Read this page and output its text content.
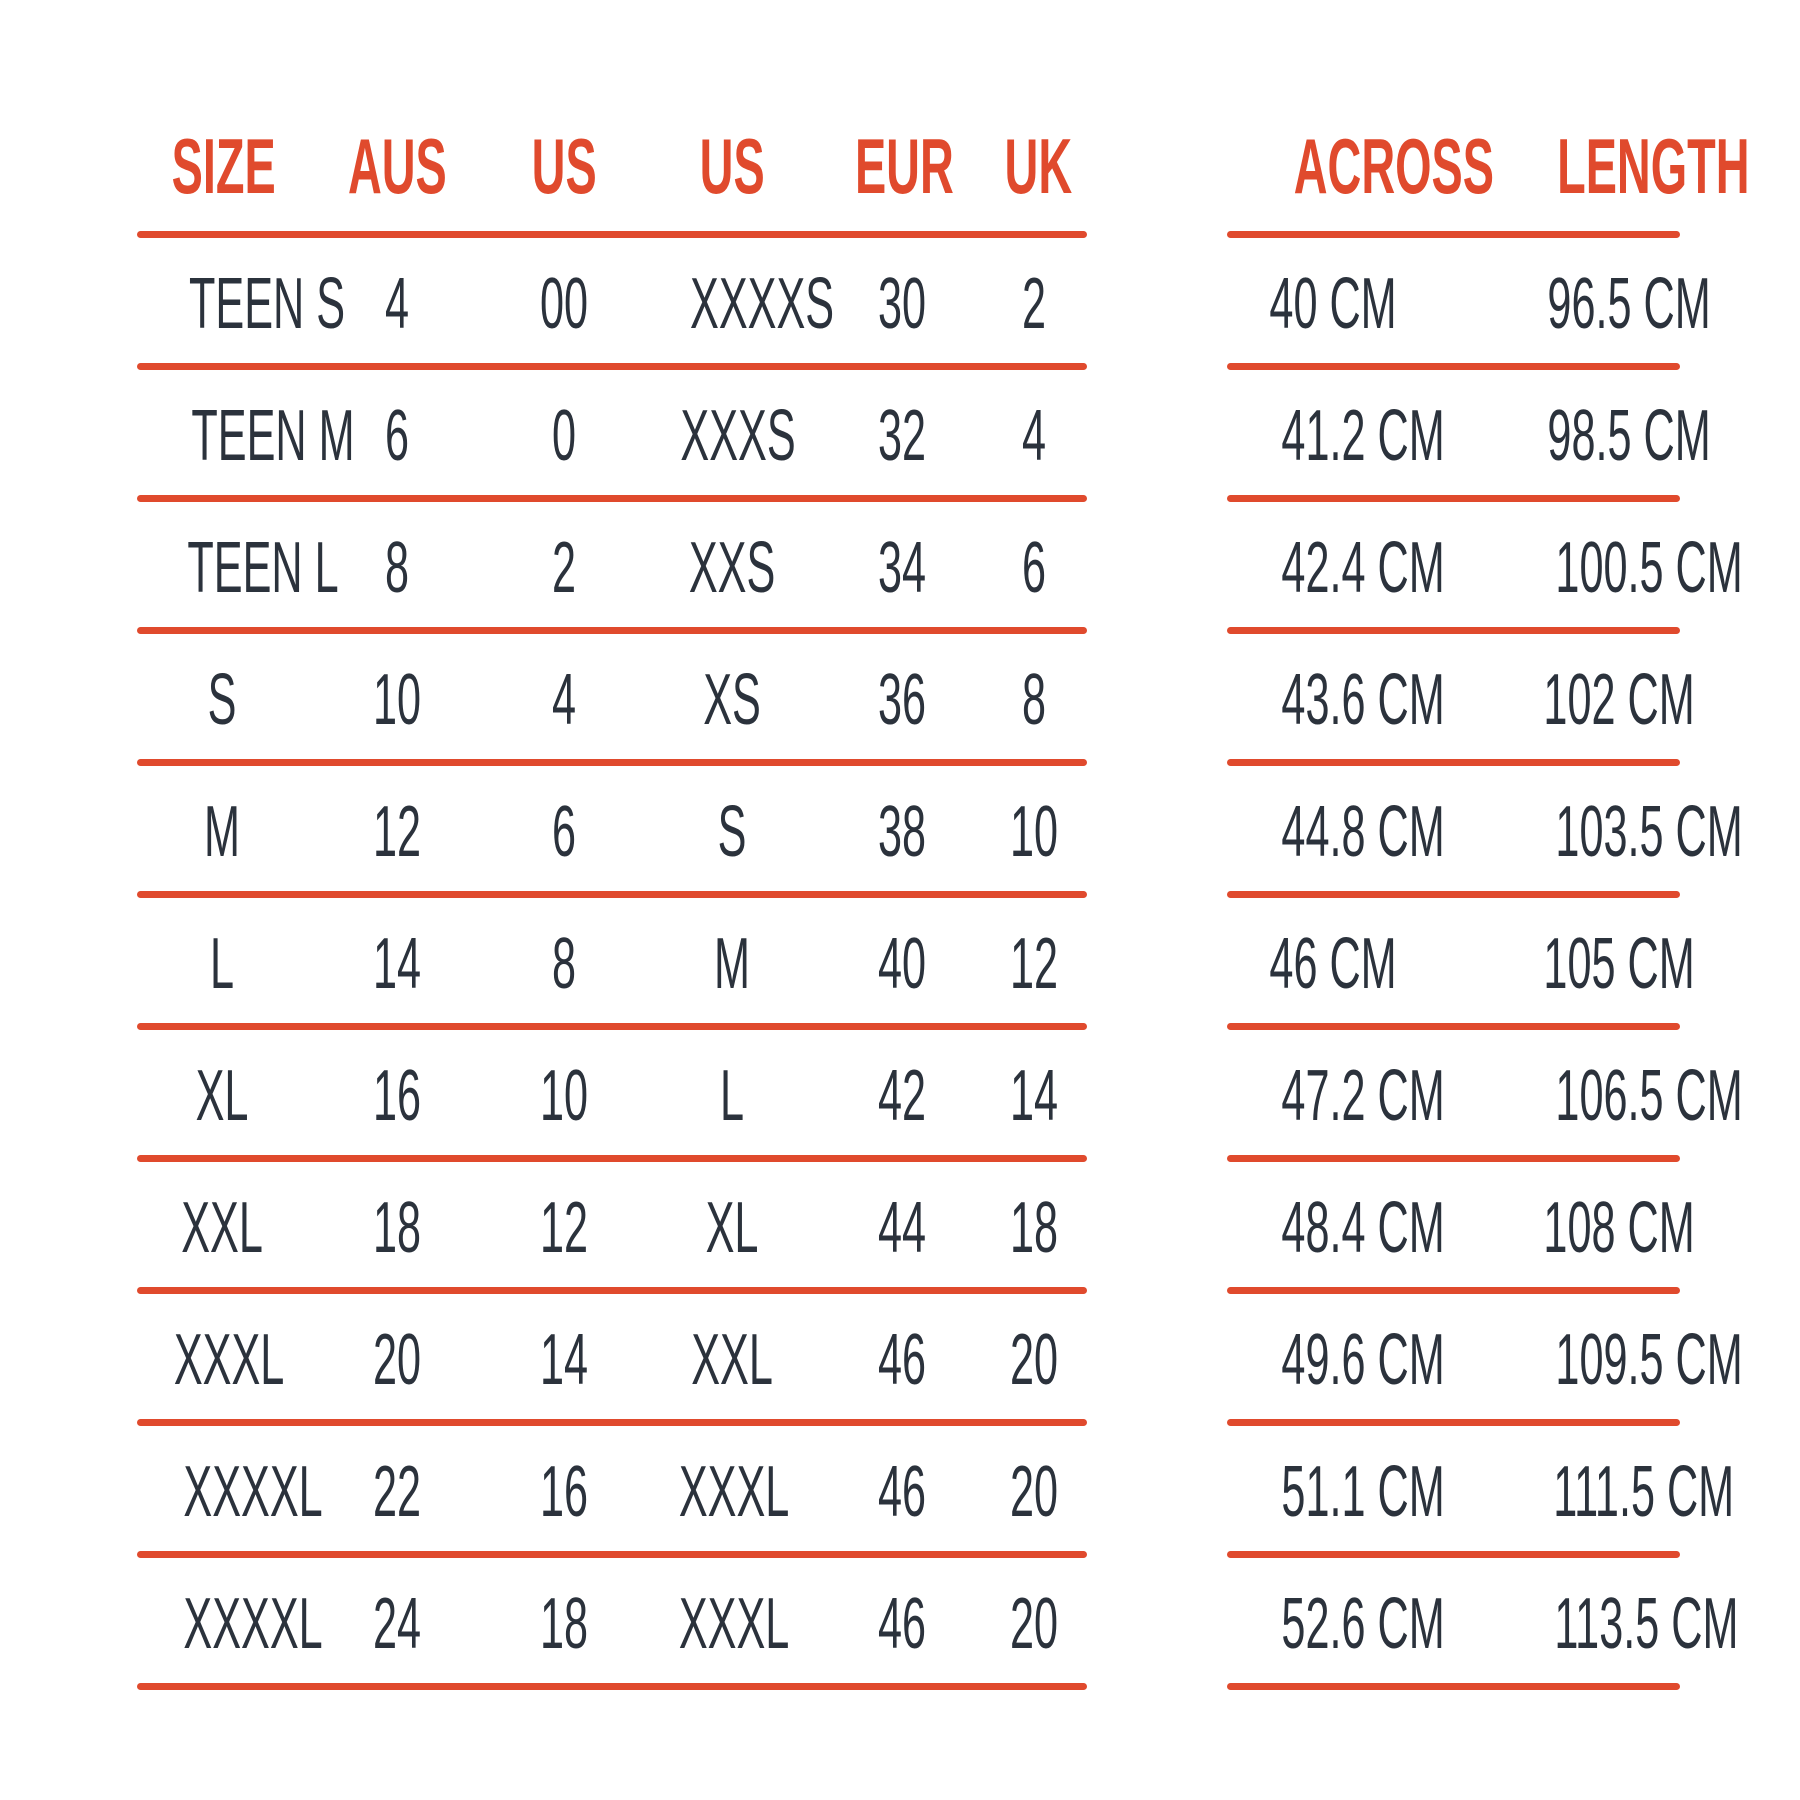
SIZE AUS	US	US	EUR UK
TEEN S 4	00	XXXXS 30	2
TEEN M 6	0	XXXS	32	4
TEEN L 8	2	XXS	34	6
S	10	4	XS	36	8
M	12	6	S	38	10
L	14	8	M	40	12
XL	16	10	L	42	14
XXL	18	12	XL	44	18
XXXL	20	14	XXL	46	20
XXXXL 22	16	XXXL	46	20
XXXXL 24	18	XXXL	46	20
ACROSS LENGTH
40 CM	96.5 CM
41.2 CM	98.5 CM
42.4 CM	100.5 CM
43.6 CM	102 CM
44.8 CM	103.5 CM
46 CM	105 CM
47.2 CM	106.5 CM
48.4 CM	108 CM
49.6 CM	109.5 CM
51.1 CM	111.5 CM
52.6 CM	113.5 CM
